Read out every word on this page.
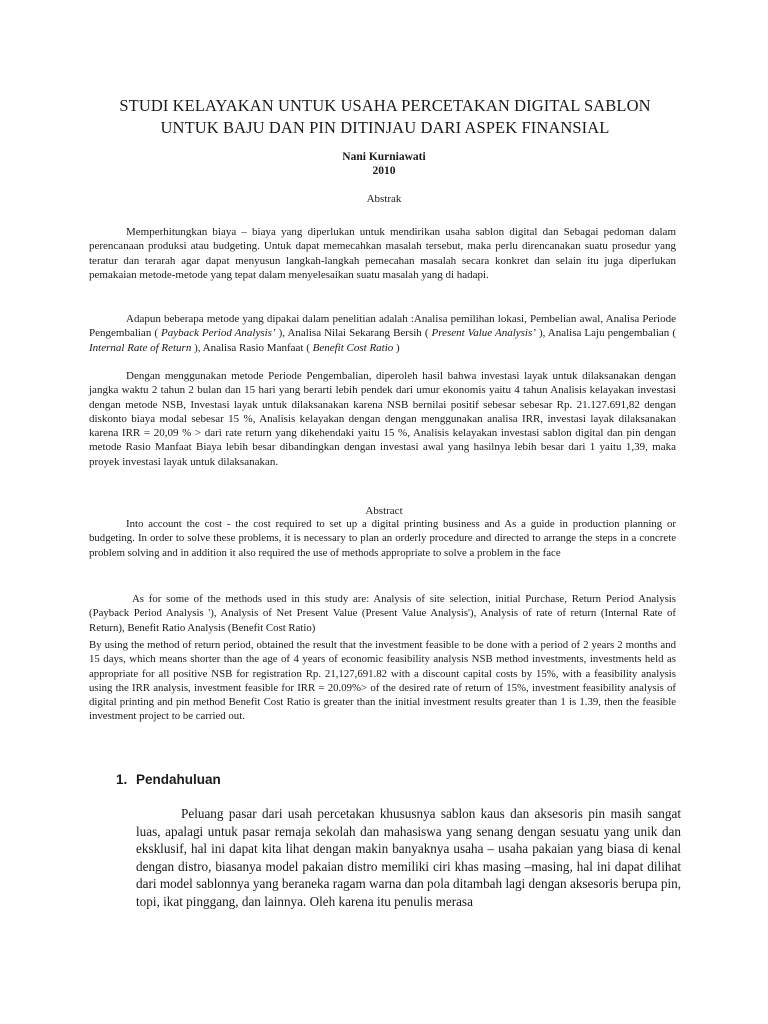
STUDI KELAYAKAN UNTUK USAHA PERCETAKAN DIGITAL SABLON
UNTUK BAJU DAN PIN DITINJAU DARI ASPEK FINANSIAL
Nani Kurniawati
2010
Abstrak

Memperhitungkan biaya – biaya yang diperlukan untuk mendirikan usaha sablon digital dan Sebagai pedoman dalam perencanaan produksi atau budgeting. Untuk dapat memecahkan masalah tersebut, maka perlu direncanakan suatu prosedur yang teratur dan terarah agar dapat menyusun langkah-langkah pemecahan masalah secara konkret dan selain itu juga diperlukan pemakaian metode-metode yang tepat dalam menyelesaikan suatu masalah yang di hadapi.

Adapun beberapa metode yang dipakai dalam penelitian adalah :Analisa pemilihan lokasi, Pembelian awal, Analisa Periode Pengembalian ( Payback Period Analysis’ ), Analisa Nilai Sekarang Bersih ( Present Value Analysis’ ), Analisa Laju pengembalian ( Internal Rate of Return ), Analisa Rasio Manfaat ( Benefit Cost Ratio )

Dengan menggunakan metode Periode Pengembalian, diperoleh hasil bahwa investasi layak untuk dilaksanakan dengan jangka waktu 2 tahun 2 bulan dan 15 hari yang berarti lebih pendek dari umur ekonomis yaitu 4 tahun Analisis kelayakan investasi dengan metode NSB, Investasi layak untuk dilaksanakan karena NSB bernilai positif sebesar sebesar Rp. 21.127.691,82 dengan diskonto biaya modal sebesar 15 %, Analisis kelayakan dengan dengan menggunakan analisa IRR, investasi layak dilaksanakan karena IRR = 20,09 % > dari rate return yang dikehendaki yaitu 15 %, Analisis kelayakan investasi sablon digital dan pin dengan metode Rasio Manfaat Biaya lebih besar dibandingkan dengan investasi awal yang hasilnya lebih besar dari 1 yaitu 1,39, maka proyek investasi layak untuk dilaksanakan.

Abstract

Into account the cost - the cost required to set up a digital printing business and As a guide in production planning or budgeting. In order to solve these problems, it is necessary to plan an orderly procedure and directed to arrange the steps in a concrete problem solving and in addition it also required the use of methods appropriate to solve a problem in the face

As for some of the methods used in this study are: Analysis of site selection, initial Purchase, Return Period Analysis (Payback Period Analysis '), Analysis of Net Present Value (Present Value Analysis'), Analysis of rate of return (Internal Rate of Return), Benefit Ratio Analysis (Benefit Cost Ratio)

By using the method of return period, obtained the result that the investment feasible to be done with a period of 2 years 2 months and 15 days, which means shorter than the age of 4 years of economic feasibility analysis NSB method investments, investments held as appropriate for all positive NSB for registration Rp. 21,127,691.82 with a discount capital costs by 15%, with a feasibility analysis using the IRR analysis, investment feasible for IRR = 20.09%> of the desired rate of return of 15%, investment feasibility analysis of digital printing and pin method Benefit Cost Ratio is greater than the initial investment results greater than 1 is 1.39, then the feasible investment project to be carried out.

1. Pendahuluan

Peluang pasar dari usah percetakan khususnya sablon kaus dan aksesoris pin masih sangat luas, apalagi untuk pasar remaja sekolah dan mahasiswa yang senang dengan sesuatu yang unik dan eksklusif, hal ini dapat kita lihat dengan makin banyaknya usaha – usaha pakaian yang biasa di kenal dengan distro, biasanya model pakaian distro memiliki ciri khas masing –masing, hal ini dapat dilihat dari model sablonnya yang beraneka ragam warna dan pola ditambah lagi dengan aksesoris berupa pin, topi, ikat pinggang, dan lainnya. Oleh karena itu penulis merasa
